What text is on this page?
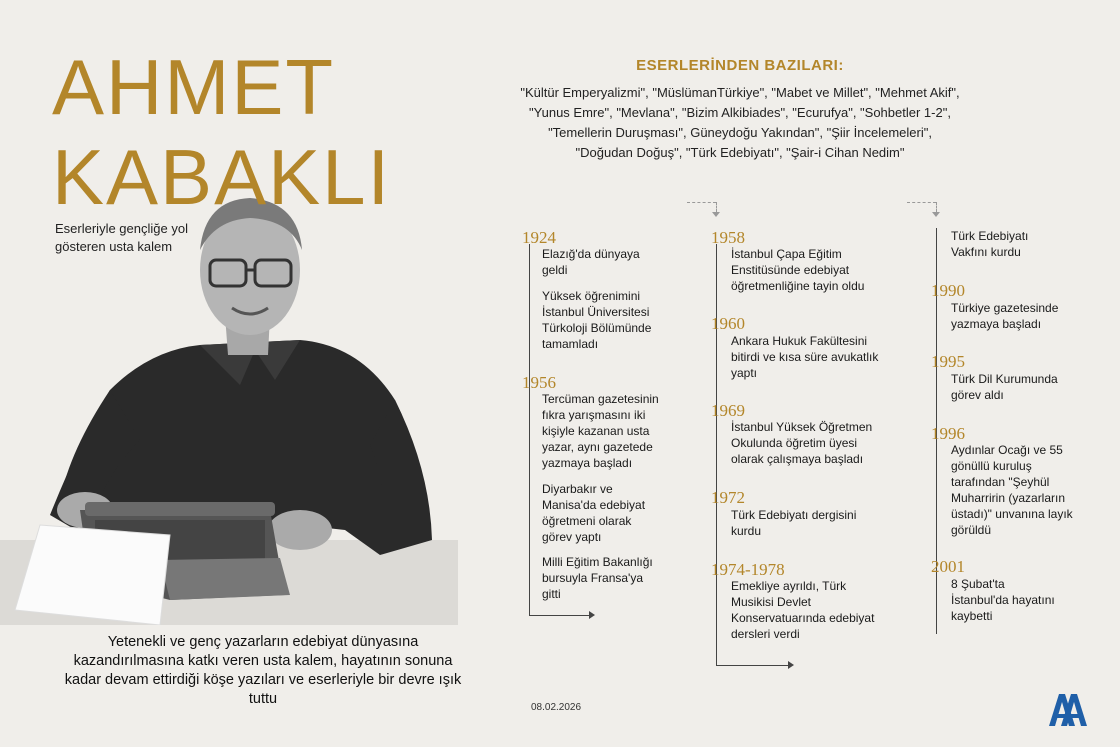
AHMET
KABAKLI
Eserleriyle gençliğe yol gösteren usta kalem
Yetenekli ve genç yazarların edebiyat dünyasına kazandırılmasına katkı veren usta kalem, hayatının sonuna kadar devam ettirdiği köşe yazıları ve eserleriyle bir devre ışık tuttu
ESERLERİNDEN BAZILARI:
"Kültür Emperyalizmi", "MüslümanTürkiye", "Mabet ve Millet", "Mehmet Akif",
"Yunus Emre", "Mevlana", "Bizim Alkibiades", "Ecurufya", "Sohbetler 1-2",
"Temellerin Duruşması", Güneydoğu Yakından", "Şiir İncelemeleri",
"Doğudan Doğuş", "Türk Edebiyatı", "Şair-i Cihan Nedim"
1924
Elazığ'da dünyaya geldi
Yüksek öğrenimini İstanbul Üniversitesi Türkoloji Bölümünde tamamladı
1956
Tercüman gazetesinin fıkra yarışmasını iki kişiyle kazanan usta yazar, aynı gazetede yazmaya başladı
Diyarbakır ve Manisa'da edebiyat öğretmeni olarak görev yaptı
Milli Eğitim Bakanlığı bursuyla Fransa'ya gitti
1958
İstanbul Çapa Eğitim Enstitüsünde edebiyat öğretmenliğine tayin oldu
1960
Ankara Hukuk Fakültesini bitirdi ve kısa süre avukatlık yaptı
1969
İstanbul Yüksek Öğretmen Okulunda öğretim üyesi olarak çalışmaya başladı
1972
Türk Edebiyatı dergisini kurdu
1974-1978
Emekliye ayrıldı, Türk Musikisi Devlet Konservatuarında edebiyat dersleri verdi
Türk Edebiyatı Vakfını kurdu
1990
Türkiye gazetesinde yazmaya başladı
1995
Türk Dil Kurumunda görev aldı
1996
Aydınlar Ocağı ve 55 gönüllü kuruluş tarafından "Şeyhül Muharririn (yazarların üstadı)" unvanına layık görüldü
2001
8 Şubat'ta İstanbul'da hayatını kaybetti
08.02.2026
